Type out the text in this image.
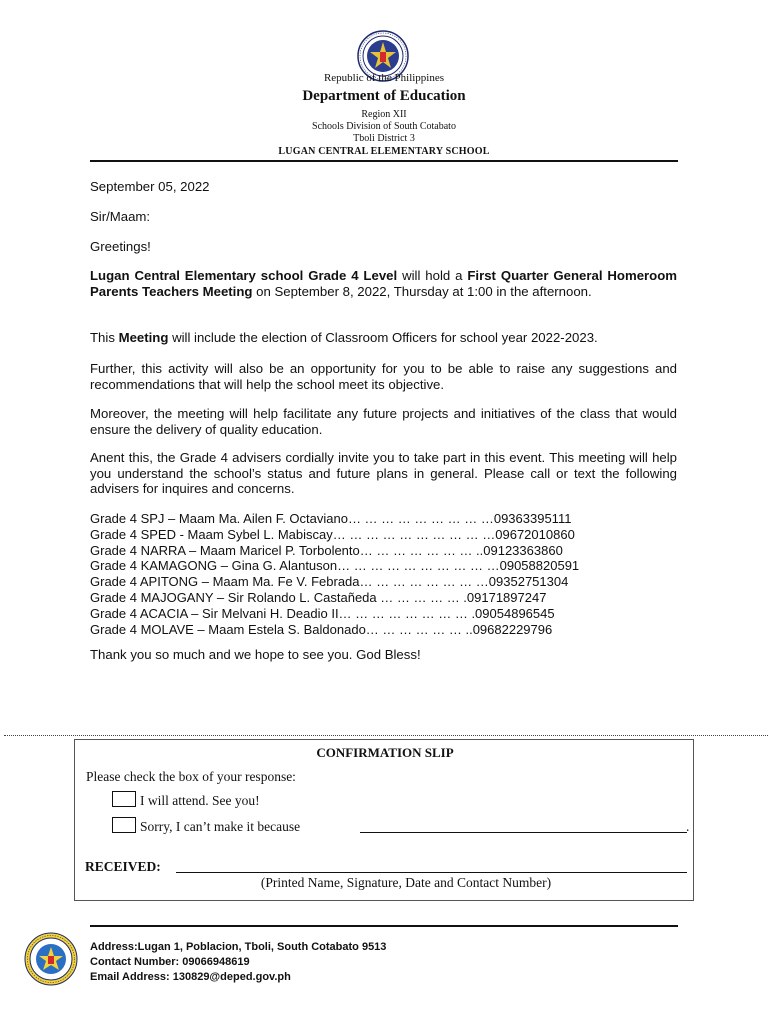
Republic of the Philippines
Department of Education
Region XII
Schools Division of South Cotabato
Tboli District 3
LUGAN CENTRAL ELEMENTARY SCHOOL
September 05, 2022
Sir/Maam:
Greetings!
Lugan Central Elementary school Grade 4 Level will hold a First Quarter General Homeroom Parents Teachers Meeting on September 8, 2022, Thursday at 1:00 in the afternoon.
This Meeting will include the election of Classroom Officers for school year 2022-2023.
Further, this activity will also be an opportunity for you to be able to raise any suggestions and recommendations that will help the school meet its objective.
Moreover, the meeting will help facilitate any future projects and initiatives of the class that would ensure the delivery of quality education.
Anent this, the Grade 4 advisers cordially invite you to take part in this event. This meeting will help you understand the school’s status and future plans in general. Please call or text the following advisers for inquires and concerns.
Grade 4 SPJ – Maam Ma. Ailen F. Octaviano… … … … … … … … …09363395111
Grade 4 SPED - Maam Sybel L. Mabiscay… … … … … … … … … …09672010860
Grade 4 NARRA – Maam Maricel P. Torbolento… … … … … … … ..09123363860
Grade 4 KAMAGONG – Gina G. Alantuson… … … … … … … … … …09058820591
Grade 4 APITONG – Maam Ma. Fe V. Febrada… … … … … … … …09352751304
Grade 4 MAJOGANY – Sir Rolando L. Castañeda … … … … … .09171897247
Grade 4 ACACIA – Sir Melvani H. Deadio II… … … … … … … … .09054896545
Grade 4 MOLAVE – Maam Estela S. Baldonado… … … … … … ..09682229796
Thank you so much and we hope to see you. God Bless!
CONFIRMATION SLIP
Please check the box of your response:
I will attend. See you!
Sorry, I can’t make it because	.
RECEIVED:
(Printed Name, Signature, Date and Contact Number)
Address:Lugan 1, Poblacion, Tboli, South Cotabato 9513
Contact Number: 09066948619
Email Address: 130829@deped.gov.ph
